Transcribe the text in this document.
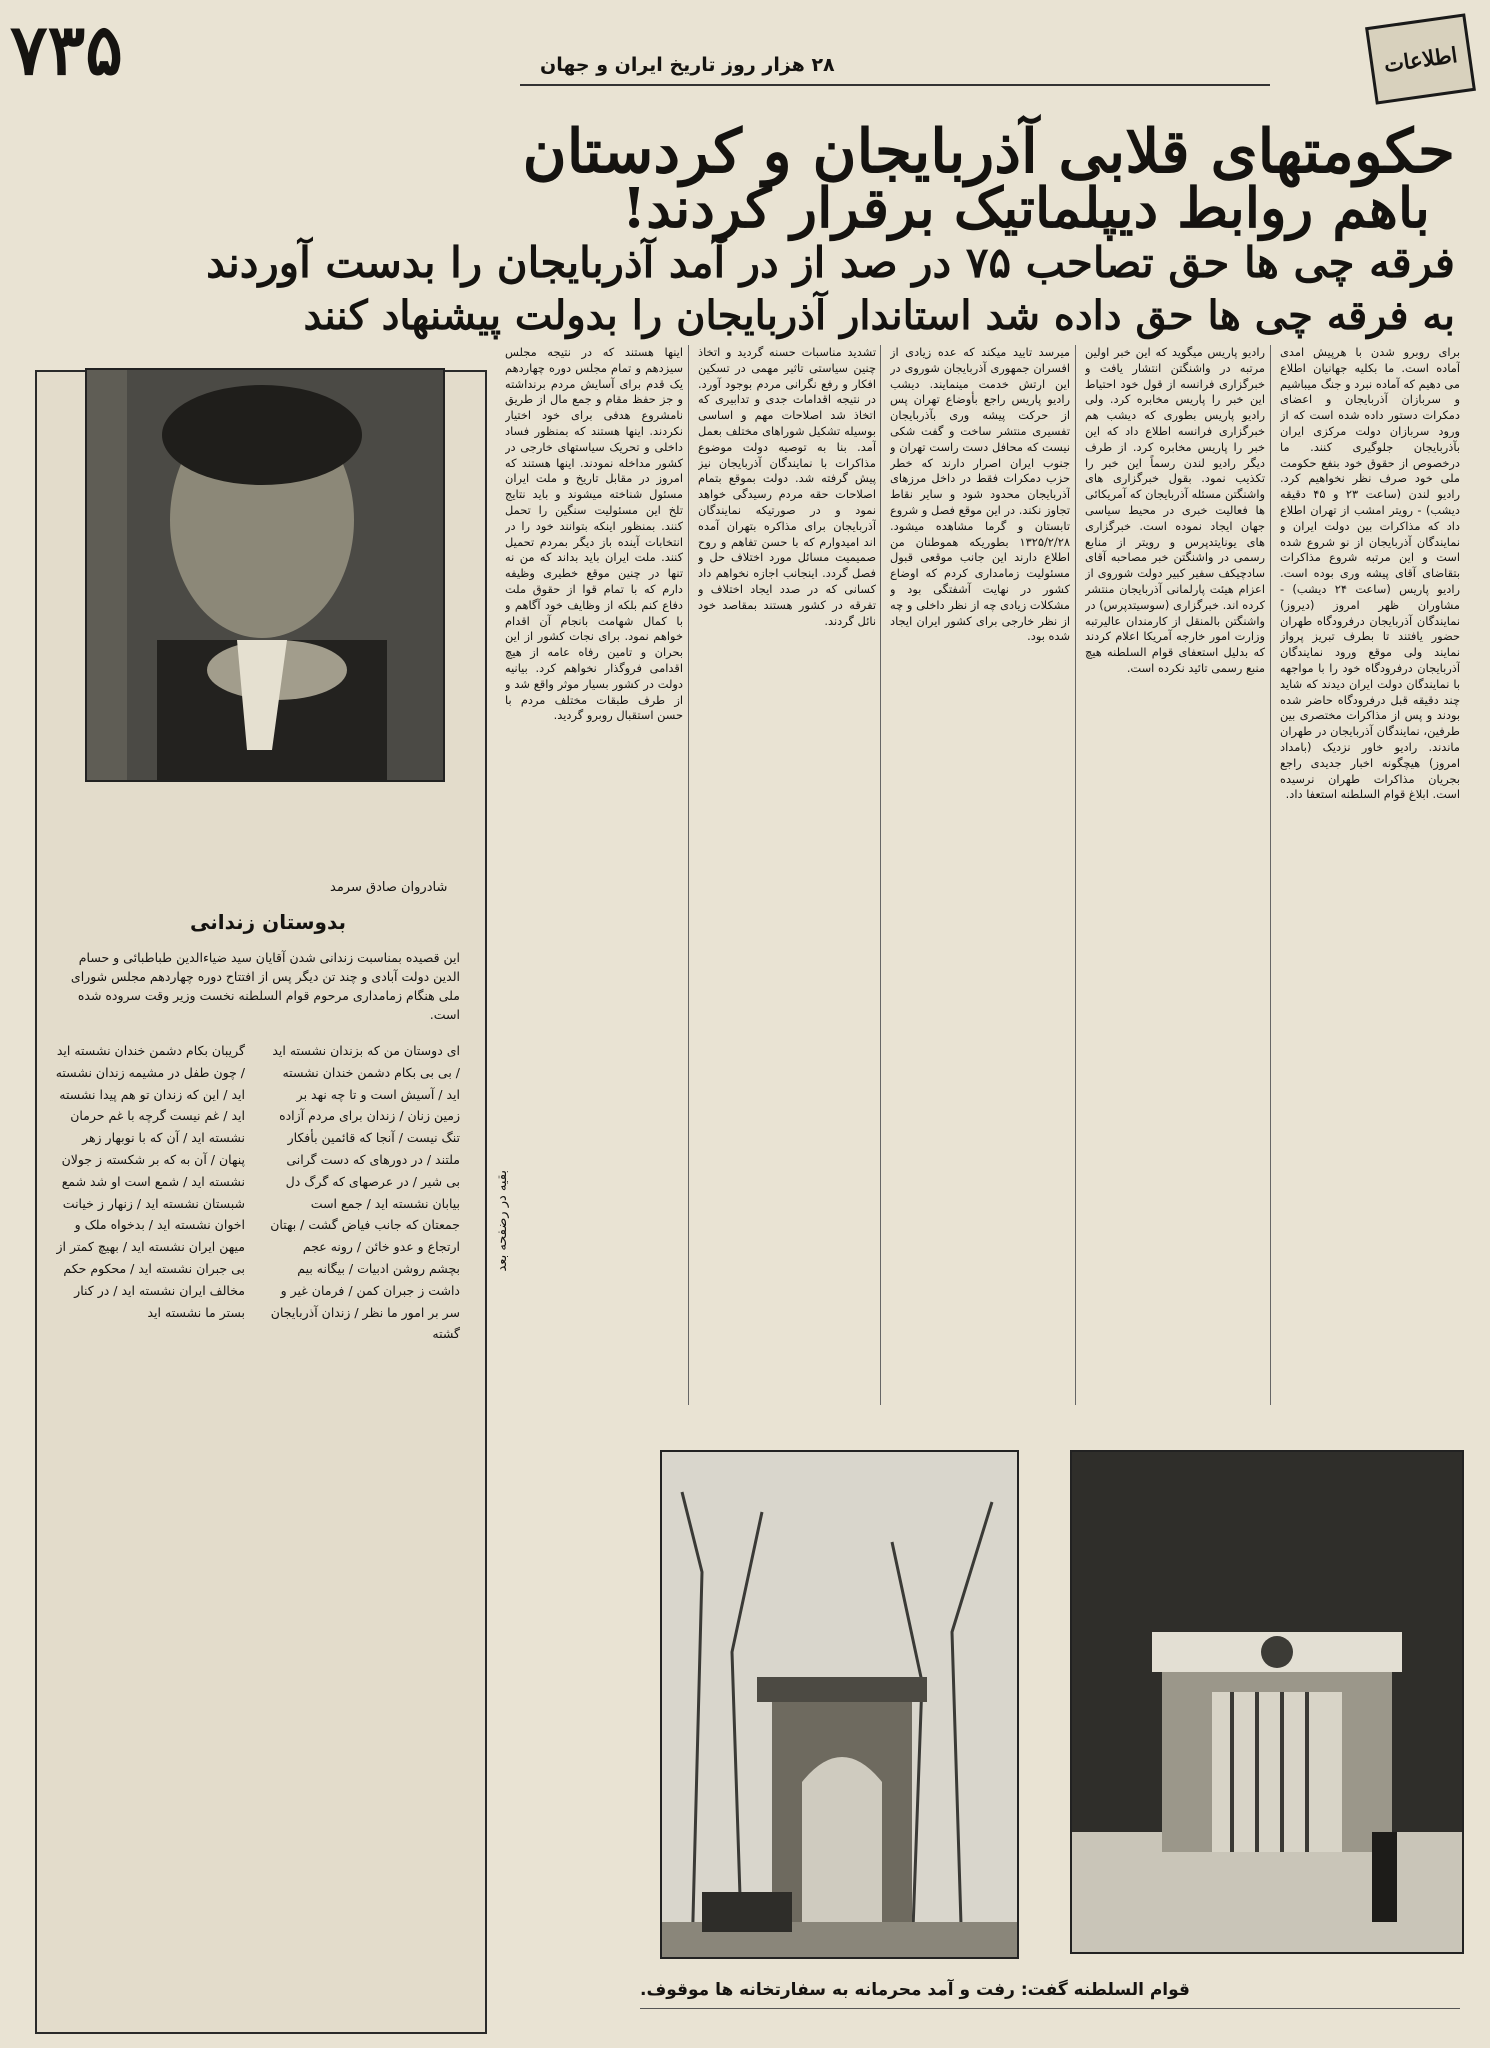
۷۳۵	۲۸ هزار روز تاریخ ایران و جهان	اطلاعات
حکومتهای قلابی آذربایجان و کردستان
باهم روابط دیپلماتیک برقرار کردند!
فرقه چی ها حق تصاحب ۷۵ در صد از در آمد آذربایجان را بدست آوردند
به فرقه چی ها حق داده شد استاندار آذربایجان را بدولت پیشنهاد کنند
شادروان صادق سرمد
بدوستان زندانی
این قصیده بمناسبت زندانی شدن آقایان سید ضیاءالدین طباطبائی و حسام الدین دولت آبادی و چند تن دیگر پس از افتتاح دوره چهاردهم مجلس شورای ملی هنگام زمامداری مرحوم قوام السلطنه نخست وزیر وقت سروده شده است.
ای دوستان من که بزندان نشسته اید / بی بی بکام دشمن خندان نشسته اید / آسیش است و تا چه نهد بر زمین زنان / زندان برای مردم آزاده تنگ نیست / آنجا که قائمین بأفکار ملتند / در دورهای که دست گرانی بی شیر / در عرصهای که گرگ دل بیابان نشسته اید / جمع است جمعتان که جانب فیاض گشت / بهتان ارتجاع و عدو خائن / رونه عجم بچشم روشن ادبیات / بیگانه بیم داشت ز جبران کمن / فرمان غیر و سر بر امور ما نظر / زندان آذربایجان گشته
گریبان بکام دشمن خندان نشسته اید / چون طفل در مشیمه زندان نشسته اید / این که زندان تو هم پیدا نشسته اید / غم نیست گرچه با غم حرمان نشسته اید / آن که با نوبهار زهر پنهان / آن به که بر شکسته ز جولان نشسته اید / شمع است او شد شمع شبستان نشسته اید / زنهار ز خیانت اخوان نشسته اید / بدخواه ملک و میهن ایران نشسته اید / بهیچ کمتر از بی جبران نشسته اید / محکوم حکم مخالف ایران نشسته اید / در کنار بستر ما نشسته اید
بقیه در رضفحه بعد
برای روبرو شدن با هرپیش امدی آماده است. ما بکلیه جهانیان اطلاع می دهیم که آماده نبرد و جنگ میباشیم و سربازان آذربایجان و اعضای دمکرات دستور داده شده است که از ورود سربازان دولت مرکزی ایران بآذربایجان جلوگیری کنند. ما درخصوص از حقوق خود بنفع حکومت ملی خود صرف نظر نخواهیم کرد. رادیو لندن (ساعت ۲۳ و ۴۵ دقیقه دیشب) - رویتر امشب از تهران اطلاع داد که مذاکرات بین دولت ایران و نمایندگان آذربایجان از نو شروع شده است و این مرتبه شروع مذاکرات بتقاضای آقای پیشه وری بوده است. رادیو پاریس (ساعت ۲۴ دیشب) - مشاوران ظهر امروز (دیروز) نمایندگان آذربایجان درفرودگاه طهران حضور یافتند تا بطرف تبریز پرواز نمایند ولی موقع ورود نمایندگان آذربایجان درفرودگاه خود را با مواجهه با نمایندگان دولت ایران دیدند که شاید چند دقیقه قبل درفرودگاه حاضر شده بودند و پس از مذاکرات مختصری بین طرفین، نمایندگان آذربایجان در طهران ماندند. رادیو خاور نزدیک (بامداد امروز) هیچگونه اخبار جدیدی راجع بجریان مذاکرات طهران نرسیده است. ابلاغ قوام السلطنه استعفا داد.
رادیو پاریس میگوید که این خبر اولین مرتبه در واشنگتن انتشار یافت و خبرگزاری فرانسه از قول خود احتیاط این خبر را پاریس مخابره کرد. ولی رادیو پاریس بطوری که دیشب هم خبرگزاری فرانسه اطلاع داد که این خبر را پاریس مخابره کرد. از طرف دیگر رادیو لندن رسماً این خبر را تکذیب نمود. بقول خبرگزاری های واشنگتن مسئله آذربایجان که آمریکائی ها فعالیت خبری در محیط سیاسی جهان ایجاد نموده است. خبرگزاری های یونایتدپرس و رویتر از منابع رسمی در واشنگتن خبر مصاحبه آقای سادچیکف سفیر کبیر دولت شوروی از اعزام هیئت پارلمانی آذربایجان منتشر کرده اند. خبرگزاری (سوسیتدپرس) در واشنگتن بالمنقل از کارمندان عالیرتبه وزارت امور خارجه آمریکا اعلام کردند که بدلیل استعفای قوام السلطنه هیچ منبع رسمی تائید نکرده است.
میرسد تایید میکند که عده زیادی از افسران جمهوری آذربایجان شوروی در این ارتش خدمت مینمایند. دیشب رادیو پاریس راجع بأوضاع تهران پس از حرکت پیشه وری بآذربایجان تفسیری منتشر ساخت و گفت شکی نیست که محافل دست راست تهران و جنوب ایران اصرار دارند که خطر حزب دمکرات فقط در داخل مرزهای آذربایجان محدود شود و سایر نقاط تجاوز نکند. در این موقع فصل و شروع تابستان و گرما مشاهده میشود. ۱۳۲۵/۲/۲۸ بطوریکه هموطنان من اطلاع دارند این جانب موقعی قبول مسئولیت زمامداری کردم که اوضاع کشور در نهایت آشفتگی بود و مشکلات زیادی چه از نظر داخلی و چه از نظر خارجی برای کشور ایران ایجاد شده بود.
تشدید مناسبات حسنه گردید و اتخاذ چنین سیاستی تاثیر مهمی در تسکین افکار و رفع نگرانی مردم بوجود آورد. در نتیجه اقدامات جدی و تدابیری که اتخاذ شد اصلاحات مهم و اساسی بوسیله تشکیل شوراهای مختلف بعمل آمد. بنا به توصیه دولت موضوع مذاکرات با نمایندگان آذربایجان نیز پیش گرفته شد. دولت بموقع بتمام اصلاحات حقه مردم رسیدگی خواهد نمود و در صورتیکه نمایندگان آذربایجان برای مذاکره بتهران آمده اند امیدوارم که با حسن تفاهم و روح صمیمیت مسائل مورد اختلاف حل و فصل گردد. اینجانب اجازه نخواهم داد کسانی که در صدد ایجاد اختلاف و تفرقه در کشور هستند بمقاصد خود نائل گردند.
اینها هستند که در نتیجه مجلس سیزدهم و تمام مجلس دوره چهاردهم یک قدم برای آسایش مردم برنداشته و جز حفظ مقام و جمع مال از طریق نامشروع هدفی برای خود اختیار نکردند. اینها هستند که بمنظور فساد داخلی و تحریک سیاستهای خارجی در کشور مداخله نمودند. اینها هستند که امروز در مقابل تاریخ و ملت ایران مسئول شناخته میشوند و باید نتایج تلخ این مسئولیت سنگین را تحمل کنند. بمنظور اینکه بتوانند خود را در انتخابات آینده باز دیگر بمردم تحمیل کنند. ملت ایران باید بداند که من نه تنها در چنین موقع خطیری وظیفه دارم که با تمام قوا از حقوق ملت دفاع کنم بلکه از وظایف خود آگاهم و با کمال شهامت بانجام آن اقدام خواهم نمود. برای نجات کشور از این بحران و تامین رفاه عامه از هیچ اقدامی فروگذار نخواهم کرد. بیانیه دولت در کشور بسیار موثر واقع شد و از طرف طبقات مختلف مردم با حسن استقبال روبرو گردید.
قوام السلطنه گفت: رفت و آمد محرمانه به سفارتخانه ها موقوف.
